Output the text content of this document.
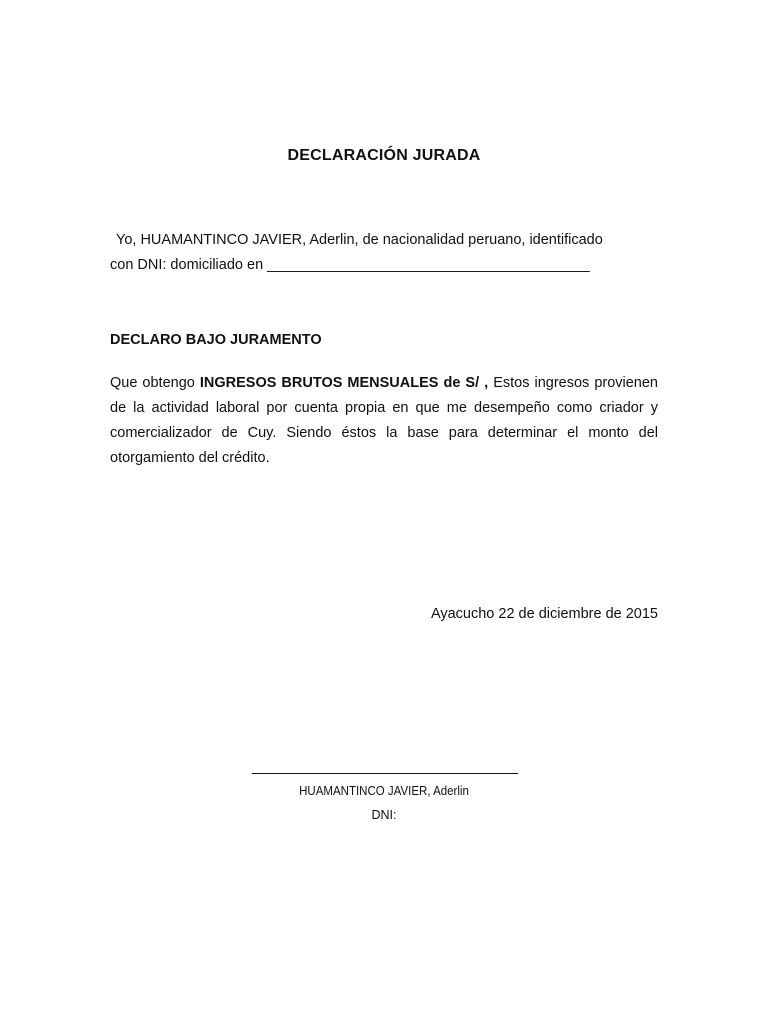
DECLARACIÓN JURADA
Yo, HUAMANTINCO JAVIER, Aderlin, de nacionalidad peruano, identificado
con DNI: domiciliado en ________________________________________
DECLARO BAJO JURAMENTO
Que obtengo INGRESOS BRUTOS MENSUALES de S/ , Estos ingresos provienen de la actividad laboral por cuenta propia en que me desempeño como criador y comercializador de Cuy. Siendo éstos la base para determinar el monto del otorgamiento del crédito.
Ayacucho 22 de diciembre de 2015
HUAMANTINCO JAVIER, Aderlin
DNI:
